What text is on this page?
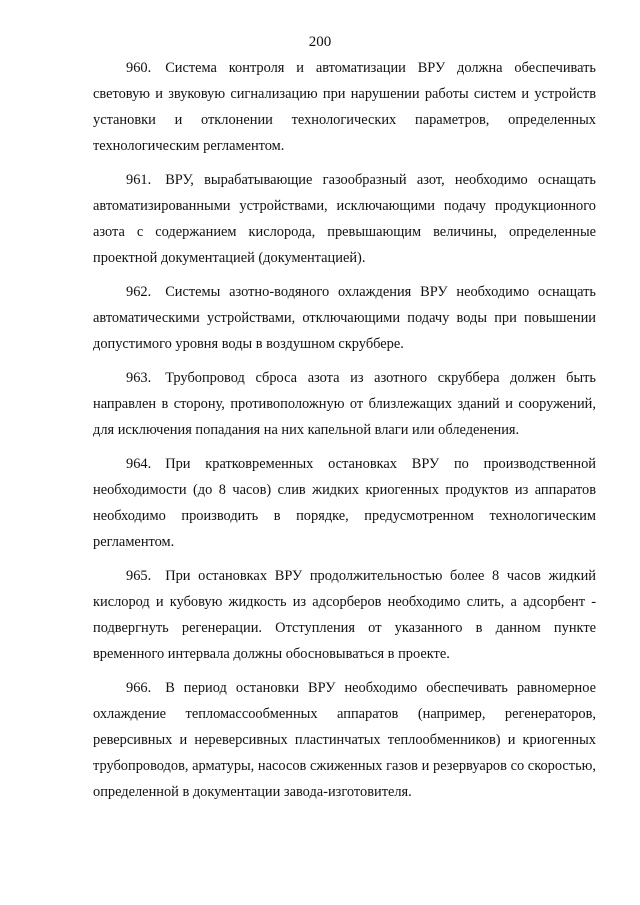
200

960. Система контроля и автоматизации ВРУ должна обеспечивать световую и звуковую сигнализацию при нарушении работы систем и устройств установки и отклонении технологических параметров, определенных технологическим регламентом.

961. ВРУ, вырабатывающие газообразный азот, необходимо оснащать автоматизированными устройствами, исключающими подачу продукционного азота с содержанием кислорода, превышающим величины, определенные проектной документацией (документацией).

962. Системы азотно-водяного охлаждения ВРУ необходимо оснащать автоматическими устройствами, отключающими подачу воды при повышении допустимого уровня воды в воздушном скруббере.

963. Трубопровод сброса азота из азотного скруббера должен быть направлен в сторону, противоположную от близлежащих зданий и сооружений, для исключения попадания на них капельной влаги или обледенения.

964. При кратковременных остановках ВРУ по производственной необходимости (до 8 часов) слив жидких криогенных продуктов из аппаратов необходимо производить в порядке, предусмотренном технологическим регламентом.

965. При остановках ВРУ продолжительностью более 8 часов жидкий кислород и кубовую жидкость из адсорберов необходимо слить, а адсорбент - подвергнуть регенерации. Отступления от указанного в данном пункте временного интервала должны обосновываться в проекте.

966. В период остановки ВРУ необходимо обеспечивать равномерное охлаждение тепломассообменных аппаратов (например, регенераторов, реверсивных и нереверсивных пластинчатых теплообменников) и криогенных трубопроводов, арматуры, насосов сжиженных газов и резервуаров со скоростью, определенной в документации завода-изготовителя.
